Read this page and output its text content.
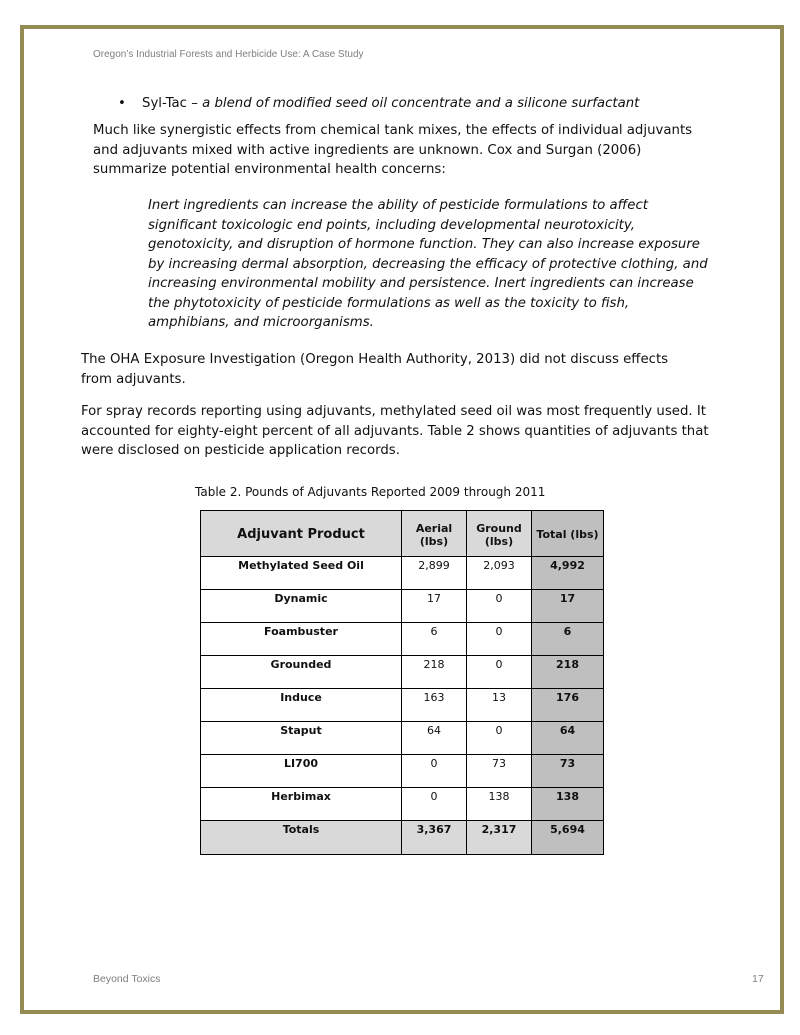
Oregon’s Industrial Forests and Herbicide Use: A Case Study
• Syl-Tac – a blend of modified seed oil concentrate and a silicone surfactant
Much like synergistic effects from chemical tank mixes, the effects of individual adjuvants and adjuvants mixed with active ingredients are unknown. Cox and Surgan (2006) summarize potential environmental health concerns:
Inert ingredients can increase the ability of pesticide formulations to affect significant toxicologic end points, including developmental neurotoxicity, genotoxicity, and disruption of hormone function. They can also increase exposure by increasing dermal absorption, decreasing the efficacy of protective clothing, and increasing environmental mobility and persistence. Inert ingredients can increase the phytotoxicity of pesticide formulations as well as the toxicity to fish, amphibians, and microorganisms.
The OHA Exposure Investigation (Oregon Health Authority, 2013) did not discuss effects from adjuvants.
For spray records reporting using adjuvants, methylated seed oil was most frequently used. It accounted for eighty-eight percent of all adjuvants. Table 2 shows quantities of adjuvants that were disclosed on pesticide application records.
Table 2. Pounds of Adjuvants Reported 2009 through 2011
Adjuvant Product	Aerial (lbs)	Ground (lbs)	Total (lbs)
Methylated Seed Oil	2,899	2,093	4,992
Dynamic	17	0	17
Foambuster	6	0	6
Grounded	218	0	218
Induce	163	13	176
Staput	64	0	64
LI700	0	73	73
Herbimax	0	138	138
Totals	3,367	2,317	5,694
Beyond Toxics	17
